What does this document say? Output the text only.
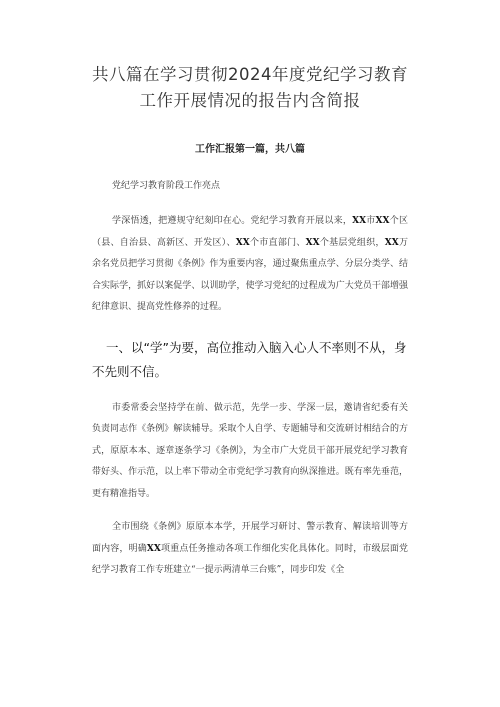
共八篇在学习贯彻2024年度党纪学习教育
工作开展情况的报告内含简报

工作汇报第一篇，共八篇

党纪学习教育阶段工作亮点

学深悟透，把遵规守纪刻印在心。党纪学习教育开展以来，XX市XX个区（县、自治县、高新区、开发区）、XX个市直部门、XX个基层党组织，XX万余名党员把学习贯彻《条例》作为重要内容，通过聚焦重点学、分层分类学、结合实际学，抓好以案促学、以训助学，使学习党纪的过程成为广大党员干部增强纪律意识、提高党性修养的过程。

一、以“学”为要，高位推动入脑入心人不率则不从，身不先则不信。

市委常委会坚持学在前、做示范，先学一步、学深一层，邀请省纪委有关负责同志作《条例》解读辅导。采取个人自学、专题辅导和交流研讨相结合的方式，原原本本、逐章逐条学习《条例》，为全市广大党员干部开展党纪学习教育带好头、作示范，以上率下带动全市党纪学习教育向纵深推进。既有率先垂范，更有精准指导。

全市围绕《条例》原原本本学，开展学习研讨、警示教育、解读培训等方面内容，明确XX项重点任务推动各项工作细化实化具体化。同时，市级层面党纪学习教育工作专班建立“一提示两清单三台账”，同步印发《全
